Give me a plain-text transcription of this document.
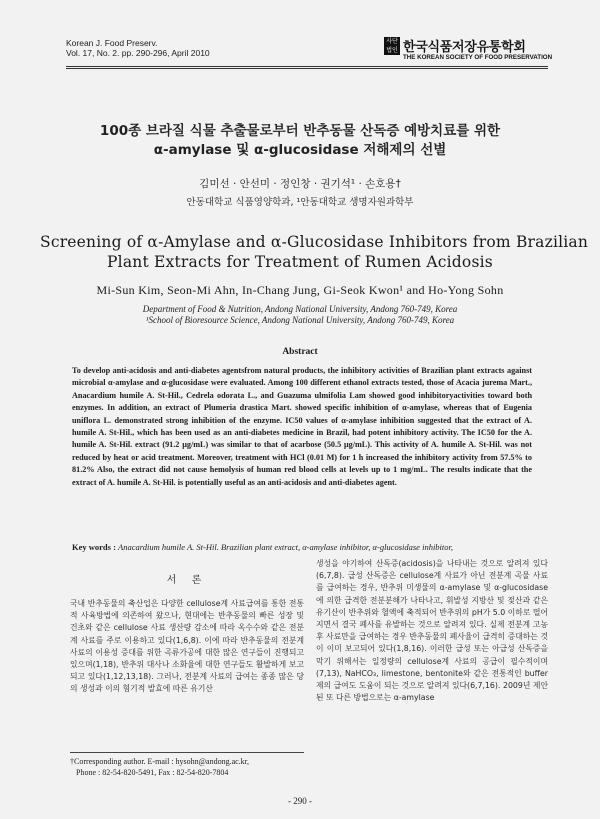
Korean J. Food Preserv.
Vol. 17, No. 2. pp. 290-296, April 2010
사단법인 한국식품저장유통학회
THE KOREAN SOCIETY OF FOOD PRESERVATION
100종 브라질 식물 추출물로부터 반추동물 산독증 예방치료를 위한
α-amylase 및 α-glucosidase 저해제의 선별
김미선 · 안선미 · 정인창 · 권기석¹ · 손호용†
안동대학교 식품영양학과, ¹안동대학교 생명자원과학부
Screening of α-Amylase and α-Glucosidase Inhibitors from Brazilian
Plant Extracts for Treatment of Rumen Acidosis
Mi-Sun Kim, Seon-Mi Ahn, In-Chang Jung, Gi-Seok Kwon¹ and Ho-Yong Sohn
Department of Food & Nutrition, Andong National University, Andong 760-749, Korea
¹School of Bioresource Science, Andong National University, Andong 760-749, Korea
Abstract
To develop anti-acidosis and anti-diabetes agentsfrom natural products, the inhibitory activities of Brazilian plant extracts against microbial α-amylase and α-glucosidase were evaluated. Among 100 different ethanol extracts tested, those of Acacia jurema Mart., Anacardium humile A. St-Hil., Cedrela odorata L., and Guazuma ulmifolia Lam showed good inhibitoryactivities toward both enzymes. In addition, an extract of Plumeria drastica Mart. showed specific inhibition of α-amylase, whereas that of Eugenia uniflora L. demonstrated strong inhibition of the enzyme. IC50 values of α-amylase inhibition suggested that the extract of A. humile A. St-Hil., which has been used as an anti-diabetes medicine in Brazil, had potent inhibitory activity. The IC50 for the A. humile A. St-Hil. extract (91.2 μg/mL) was similar to that of acarbose (50.5 μg/mL). This activity of A. humile A. St-Hil. was not reduced by heat or acid treatment. Moreover, treatment with HCl (0.01 M) for 1 h increased the inhibitory activity from 57.5% to 81.2% Also, the extract did not cause hemolysis of human red blood cells at levels up to 1 mg/mL. The results indicate that the extract of A. humile A. St-Hil. is potentially useful as an anti-acidosis and anti-diabetes agent.
Key words : Anacardium humile A. St-Hil. Brazilian plant extract, α-amylase inhibitor, α-glucosidase inhibitor,
서 론
국내 반추동물의 축산업은 다양한 cellulose계 사료급여를 통한 전통적 사육방법에 의존하여 왔으나, 현대에는 반추동물의 빠른 성장 및 건초와 같은 cellulose 사료 생산량 감소에 따라 옥수수와 같은 전분계 사료를 주로 이용하고 있다(1,6,8). 이에 따라 반추동물의 전분계 사료의 이용성 증대를 위한 곡류가공에 대한 많은 연구들이 진행되고 있으며(1,18), 반추위 대사나 소화율에 대한 연구들도 활발하게 보고되고 있다(1,12,13,18). 그러나, 전분계 사료의 급여는 종종 많은 당의 생성과 이의 혐기적 발효에 따른 유기산
생성을 야기하여 산독증(acidosis)을 나타내는 것으로 알려져 있다(6,7,8). 급성 산독증은 cellulose계 사료가 아닌 전분계 곡물 사료를 급여하는 경우, 반추위 미생물의 α-amylase 및 α-glucosidase에 의한 급격한 전분분해가 나타나고, 휘발성 지방산 및 젖산과 같은 유기산이 반추위와 혈액에 축적되어 반추위의 pH가 5.0 이하로 떨어지면서 결국 폐사를 유발하는 것으로 알려져 있다. 실제 전분계 고농후 사료만을 급여하는 경우 반추동물의 폐사율이 급격히 증대하는 것이 이미 보고되어 있다(1,8,16). 이러한 급성 또는 아급성 산독증을 막기 위해서는 일정량의 cellulose계 사료의 공급이 필수적이며(7,13), NaHCO₃, limestone, bentonite와 같은 전통적인 buffer제의 급여도 도움이 되는 것으로 알려져 있다(6,7,16). 2009년 제안된 또 다른 방법으로는 α-amylase
†Corresponding author. E-mail : hysohn@andong.ac.kr,
Phone : 82-54-820-5491, Fax : 82-54-820-7804
- 290 -
